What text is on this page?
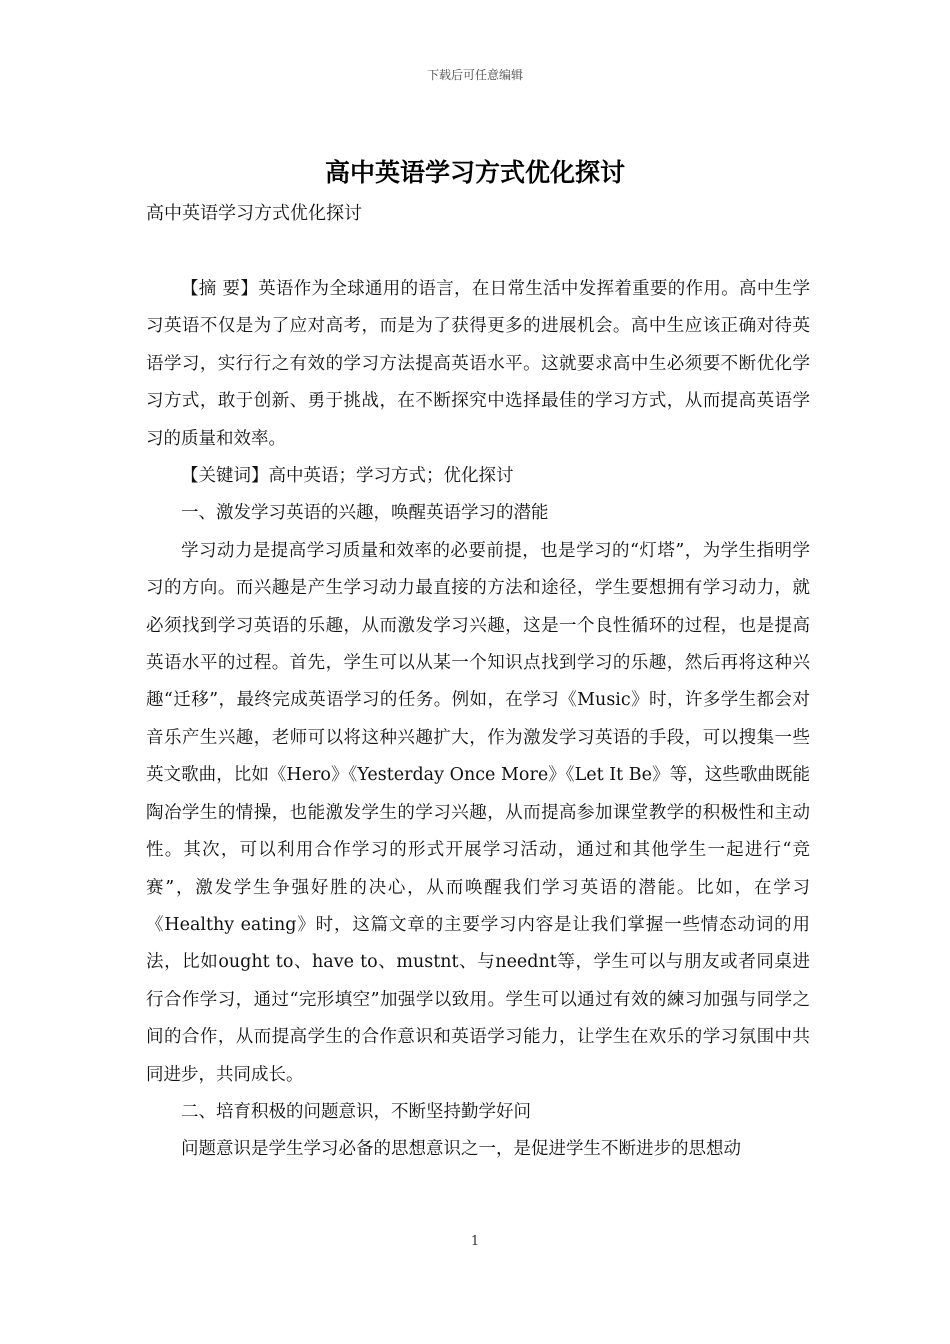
下载后可任意编辑
高中英语学习方式优化探讨
高中英语学习方式优化探讨

【摘 要】英语作为全球通用的语言，在日常生活中发挥着重要的作用。高中生学习英语不仅是为了应对高考，而是为了获得更多的进展机会。高中生应该正确对待英语学习，实行行之有效的学习方法提高英语水平。这就要求高中生必须要不断优化学习方式，敢于创新、勇于挑战，在不断探究中选择最佳的学习方式，从而提高英语学习的质量和效率。

【关键词】高中英语；学习方式；优化探讨

一、激发学习英语的兴趣，唤醒英语学习的潜能

学习动力是提高学习质量和效率的必要前提，也是学习的“灯塔”，为学生指明学习的方向。而兴趣是产生学习动力最直接的方法和途径，学生要想拥有学习动力，就必须找到学习英语的乐趣，从而激发学习兴趣，这是一个良性循环的过程，也是提高英语水平的过程。首先，学生可以从某一个知识点找到学习的乐趣，然后再将这种兴趣“迁移”，最终完成英语学习的任务。例如，在学习《Music》时，许多学生都会对音乐产生兴趣，老师可以将这种兴趣扩大，作为激发学习英语的手段，可以搜集一些英文歌曲，比如《Hero》《Yesterday Once More》《Let It Be》等，这些歌曲既能陶冶学生的情操，也能激发学生的学习兴趣，从而提高参加课堂教学的积极性和主动性。其次，可以利用合作学习的形式开展学习活动，通过和其他学生一起进行“竞赛”，激发学生争强好胜的决心，从而唤醒我们学习英语的潜能。比如，在学习《Healthy eating》时，这篇文章的主要学习内容是让我们掌握一些情态动词的用法，比如ought to、have to、mustnt、与neednt等，学生可以与朋友或者同桌进行合作学习，通过“完形填空”加强学以致用。学生可以通过有效的練习加强与同学之间的合作，从而提高学生的合作意识和英语学习能力，让学生在欢乐的学习氛围中共同进步，共同成长。

二、培育积极的问题意识，不断坚持勤学好问

问题意识是学生学习必备的思想意识之一，是促进学生不断进步的思想动

1
